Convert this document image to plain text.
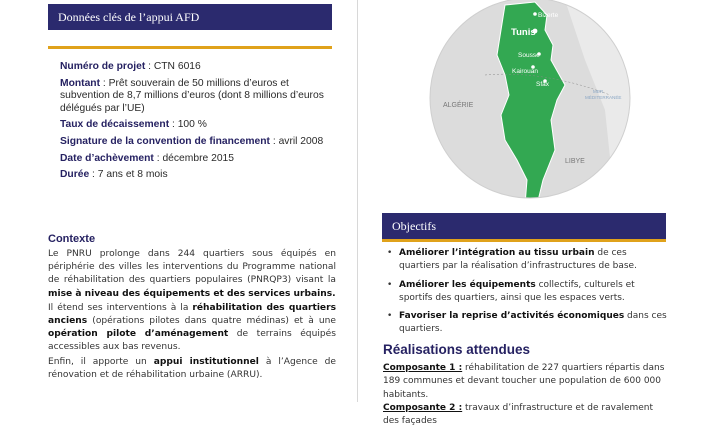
Données clés de l’appui AFD
Numéro de projet : CTN 6016
Montant : Prêt souverain de 50 millions d’euros et subvention de 8,7 millions d’euros (dont 8 millions d’euros délégués par l’UE)
Taux de décaissement : 100 %
Signature de la convention de financement : avril 2008
Date d’achèvement : décembre 2015
Durée : 7 ans et 8 mois
Contexte

Le PNRU prolonge dans 244 quartiers sous équipés en périphérie des villes les interventions du Programme national de réhabilitation des quartiers populaires (PNRQP3) visant la mise à niveau des équipements et des services urbains.

Il étend ses interventions à la réhabilitation des quartiers anciens (opérations pilotes dans quatre médinas) et à une opération pilote d’aménagement de terrains équipés accessibles aux bas revenus.

Enfin, il apporte un appui institutionnel à l’Agence de rénovation et de réhabilitation urbaine (ARRU).

Bizerte
Tunis
Sousse
Kairouan
Sfax
ALGÉRIE
LIBYE
MER
MÉDITERRANÉE
Objectifs
• Améliorer l’intégration au tissu urbain de ces quartiers par la réalisation d’infrastructures de base.
• Améliorer les équipements collectifs, culturels et sportifs des quartiers, ainsi que les espaces verts.
• Favoriser la reprise d’activités économiques dans ces quartiers.
Réalisations attendues
Composante 1 : réhabilitation de 227 quartiers répartis dans 189 communes et devant toucher une population de 600 000 habitants.
Composante 2 : travaux d’infrastructure et de ravalement des façades
